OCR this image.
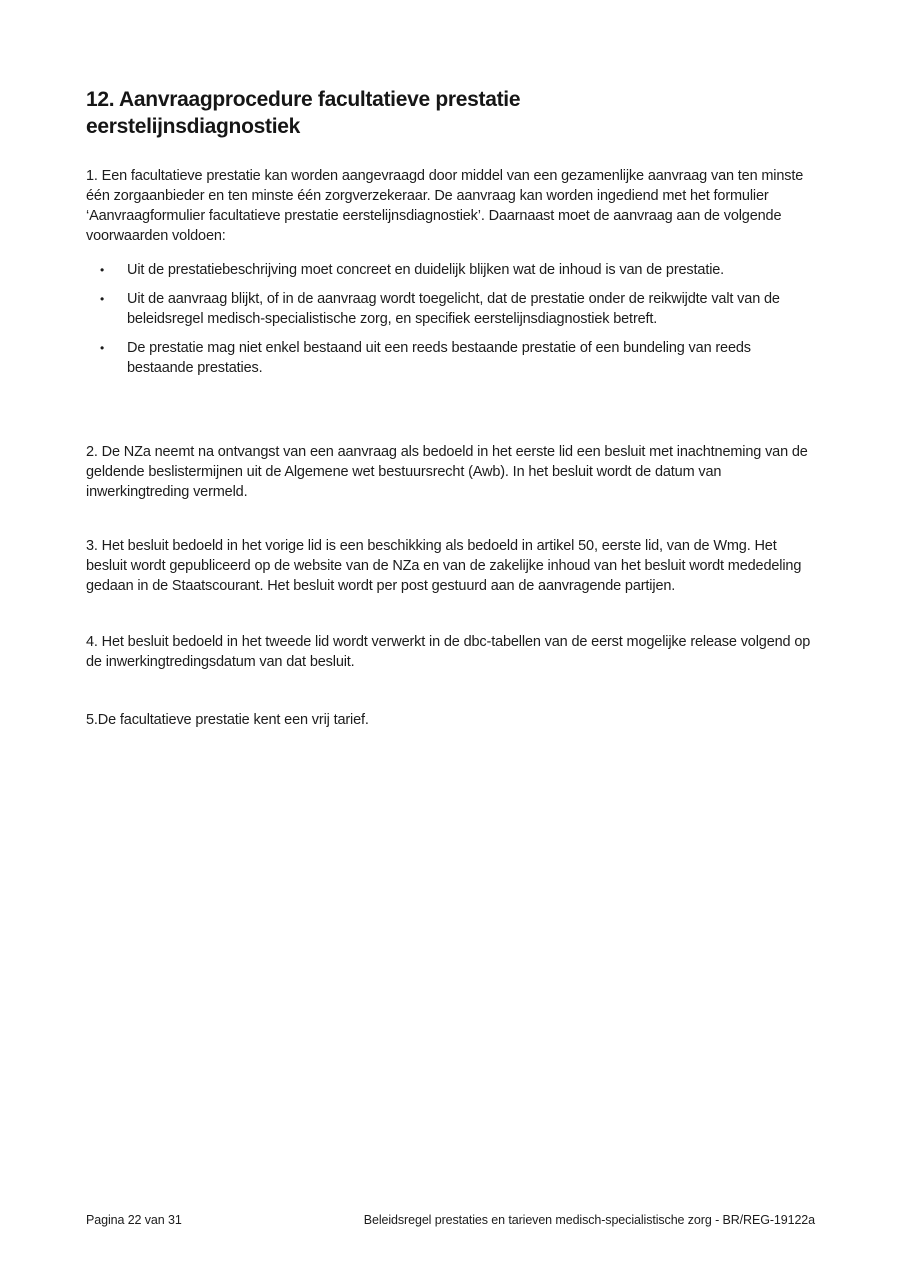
12. Aanvraagprocedure facultatieve prestatie eerstelijnsdiagnostiek

1. Een facultatieve prestatie kan worden aangevraagd door middel van een gezamenlijke aanvraag van ten minste één zorgaanbieder en ten minste één zorgverzekeraar. De aanvraag kan worden ingediend met het formulier ‘Aanvraagformulier facultatieve prestatie eerstelijnsdiagnostiek’. Daarnaast moet de aanvraag aan de volgende voorwaarden voldoen:

•	Uit de prestatiebeschrijving moet concreet en duidelijk blijken wat de inhoud is van de prestatie.
•	Uit de aanvraag blijkt, of in de aanvraag wordt toegelicht, dat de prestatie onder de reikwijdte valt van de beleidsregel medisch-specialistische zorg, en specifiek eerstelijnsdiagnostiek betreft.
•	De prestatie mag niet enkel bestaand uit een reeds bestaande prestatie of een bundeling van reeds bestaande prestaties.

2. De NZa neemt na ontvangst van een aanvraag als bedoeld in het eerste lid een besluit met inachtneming van de geldende beslistermijnen uit de Algemene wet bestuursrecht (Awb). In het besluit wordt de datum van inwerkingtreding vermeld.

3. Het besluit bedoeld in het vorige lid is een beschikking als bedoeld in artikel 50, eerste lid, van de Wmg. Het besluit wordt gepubliceerd op de website van de NZa en van de zakelijke inhoud van het besluit wordt mededeling gedaan in de Staatscourant. Het besluit wordt per post gestuurd aan de aanvragende partijen.

4. Het besluit bedoeld in het tweede lid wordt verwerkt in de dbc-tabellen van de eerst mogelijke release volgend op de inwerkingtredingsdatum van dat besluit.

5.De facultatieve prestatie kent een vrij tarief.

Pagina 22 van 31	Beleidsregel prestaties en tarieven medisch-specialistische zorg - BR/REG-19122a
